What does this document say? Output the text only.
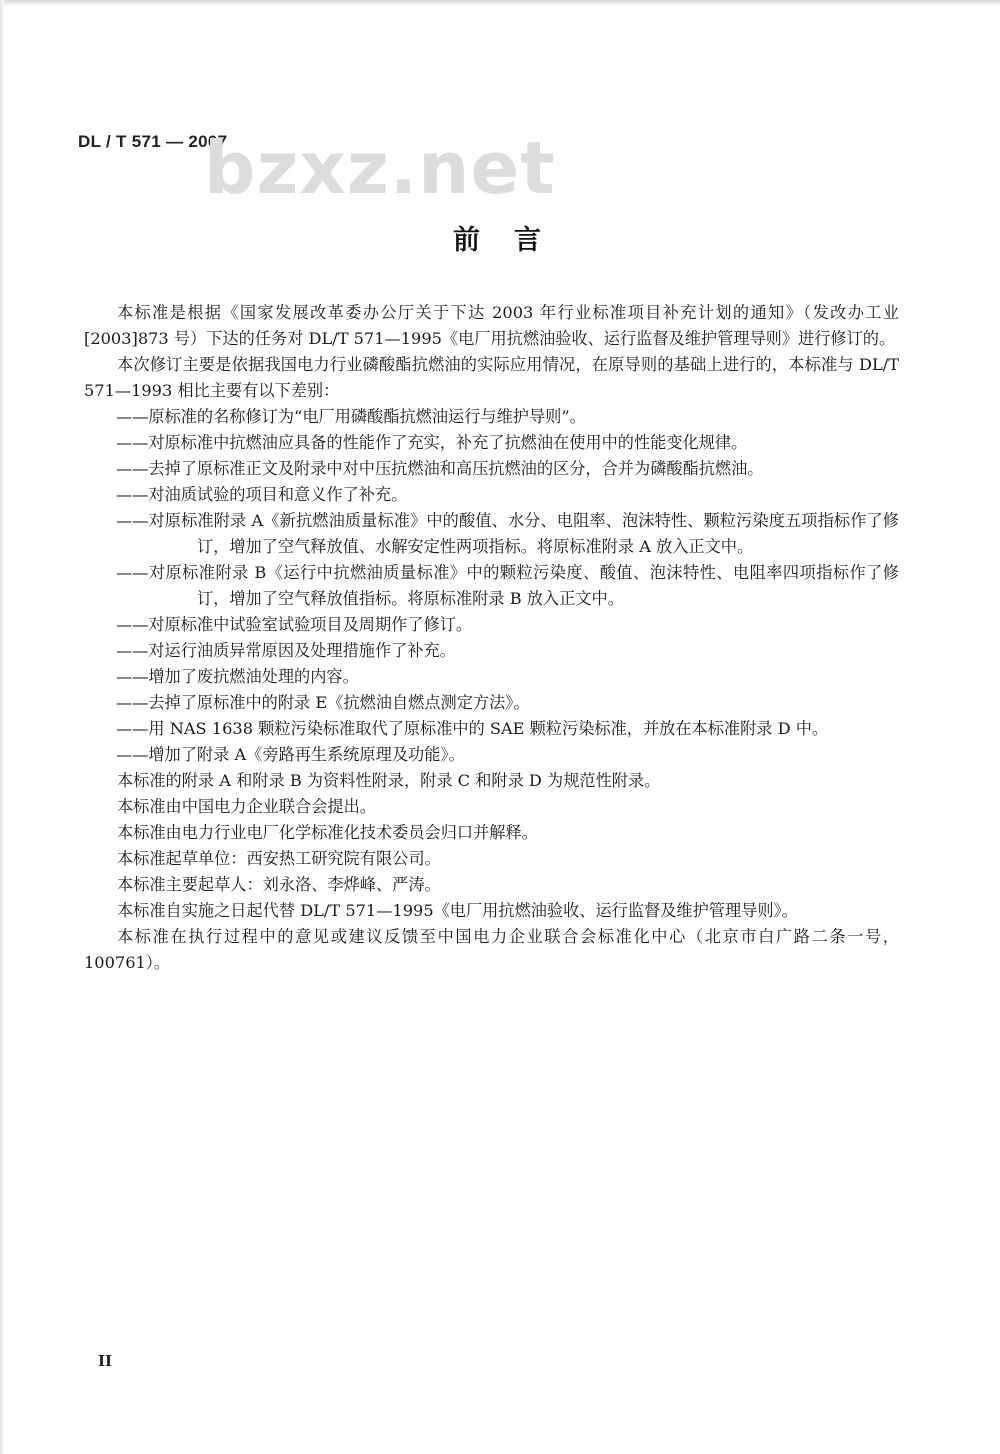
DL / T 571 — 2007
bzxz.net
前言

本标准是根据《国家发展改革委办公厅关于下达 2003 年行业标准项目补充计划的通知》（发改办工业[2003]873 号）下达的任务对 DL/T 571—1995《电厂用抗燃油验收、运行监督及维护管理导则》进行修订的。

本次修订主要是依据我国电力行业磷酸酯抗燃油的实际应用情况，在原导则的基础上进行的，本标准与 DL/T 571—1993 相比主要有以下差别：

——原标准的名称修订为“电厂用磷酸酯抗燃油运行与维护导则”。

——对原标准中抗燃油应具备的性能作了充实，补充了抗燃油在使用中的性能变化规律。

——去掉了原标准正文及附录中对中压抗燃油和高压抗燃油的区分，合并为磷酸酯抗燃油。

——对油质试验的项目和意义作了补充。

——对原标准附录 A《新抗燃油质量标准》中的酸值、水分、电阻率、泡沫特性、颗粒污染度五项指标作了修订，增加了空气释放值、水解安定性两项指标。将原标准附录 A 放入正文中。

——对原标准附录 B《运行中抗燃油质量标准》中的颗粒污染度、酸值、泡沫特性、电阻率四项指标作了修订，增加了空气释放值指标。将原标准附录 B 放入正文中。

——对原标准中试验室试验项目及周期作了修订。

——对运行油质异常原因及处理措施作了补充。

——增加了废抗燃油处理的内容。

——去掉了原标准中的附录 E《抗燃油自燃点测定方法》。

——用 NAS 1638 颗粒污染标准取代了原标准中的 SAE 颗粒污染标准，并放在本标准附录 D 中。

——增加了附录 A《旁路再生系统原理及功能》。

本标准的附录 A 和附录 B 为资料性附录，附录 C 和附录 D 为规范性附录。

本标准由中国电力企业联合会提出。

本标准由电力行业电厂化学标准化技术委员会归口并解释。

本标准起草单位：西安热工研究院有限公司。

本标准主要起草人：刘永洛、李烨峰、严涛。

本标准自实施之日起代替 DL/T 571—1995《电厂用抗燃油验收、运行监督及维护管理导则》。

本标准在执行过程中的意见或建议反馈至中国电力企业联合会标准化中心（北京市白广路二条一号，100761）。

II
